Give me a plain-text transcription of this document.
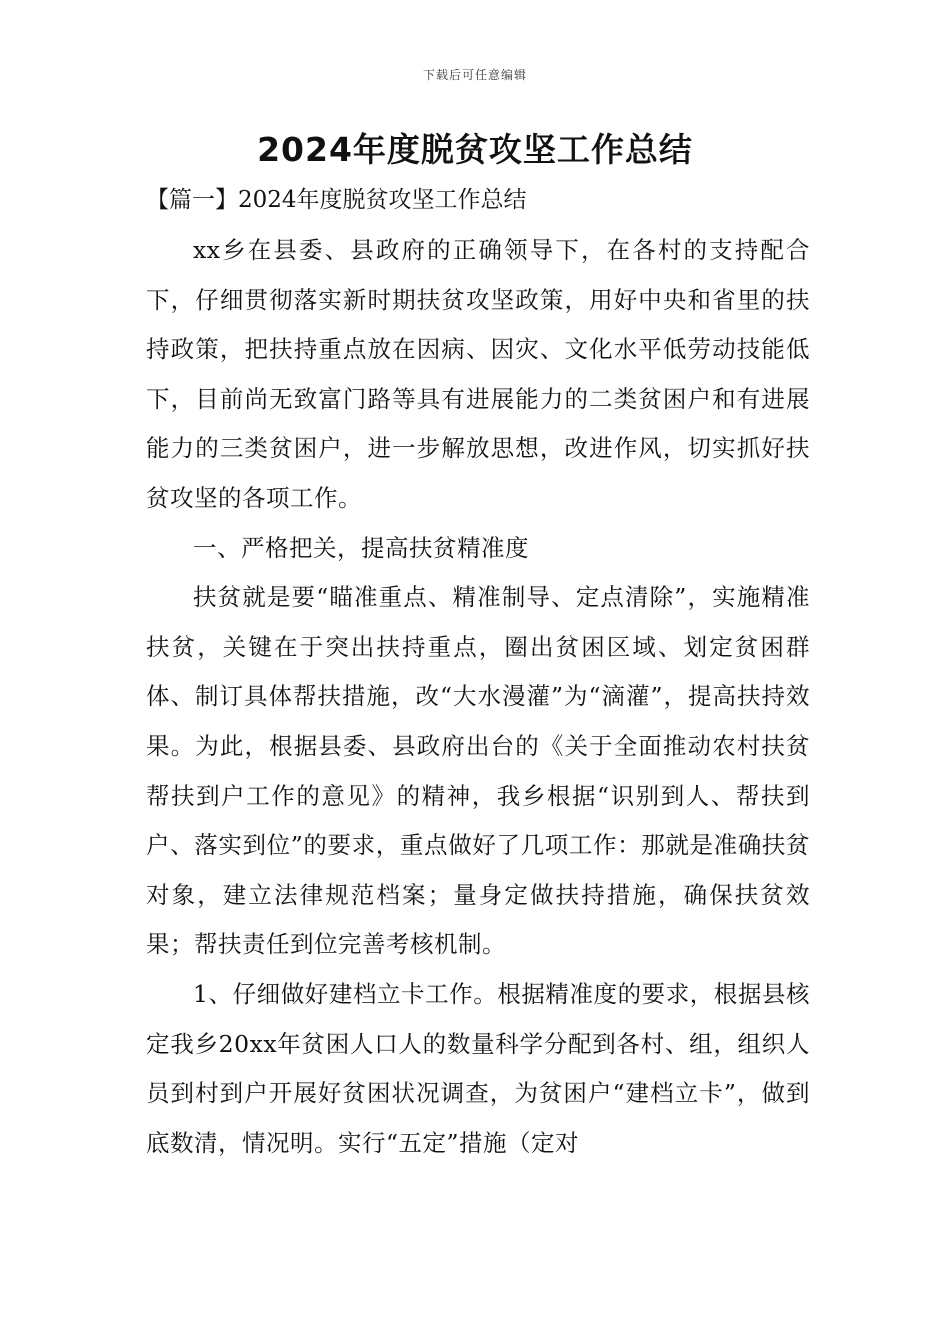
下载后可任意编辑
2024年度脱贫攻坚工作总结
【篇一】2024年度脱贫攻坚工作总结

xx乡在县委、县政府的正确领导下，在各村的支持配合下，仔细贯彻落实新时期扶贫攻坚政策，用好中央和省里的扶持政策，把扶持重点放在因病、因灾、文化水平低劳动技能低下，目前尚无致富门路等具有进展能力的二类贫困户和有进展能力的三类贫困户，进一步解放思想，改进作风，切实抓好扶贫攻坚的各项工作。

一、严格把关，提高扶贫精准度

扶贫就是要“瞄准重点、精准制导、定点清除”，实施精准扶贫，关键在于突出扶持重点，圈出贫困区域、划定贫困群体、制订具体帮扶措施，改“大水漫灌”为“滴灌”，提高扶持效果。为此，根据县委、县政府出台的《关于全面推动农村扶贫帮扶到户工作的意见》的精神，我乡根据“识别到人、帮扶到户、落实到位”的要求，重点做好了几项工作：那就是准确扶贫对象，建立法律规范档案；量身定做扶持措施，确保扶贫效果；帮扶责任到位完善考核机制。

1、仔细做好建档立卡工作。根据精准度的要求，根据县核定我乡20xx年贫困人口人的数量科学分配到各村、组，组织人员到村到户开展好贫困状况调查，为贫困户“建档立卡”，做到底数清，情况明。实行“五定”措施（定对
